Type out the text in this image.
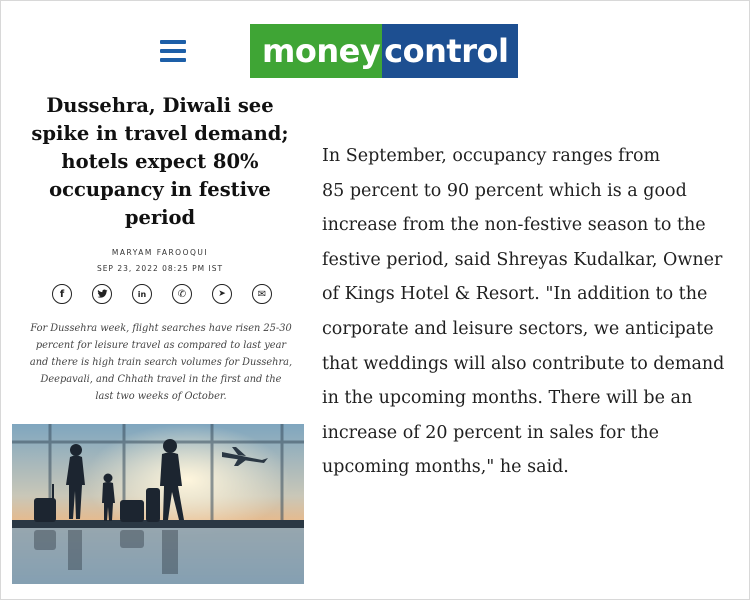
money control
Dussehra, Diwali see
spike in travel demand;
hotels expect 80%
occupancy in festive
period
MARYAM FAROOQUI
SEP 23, 2022 08:25 PM IST
f	in	✆	➤	✉
For Dussehra week, flight searches have risen 25-30
percent for leisure travel as compared to last year
and there is high train search volumes for Dussehra,
Deepavali, and Chhath travel in the first and the
last two weeks of October.

In September, occupancy ranges from

85 percent to 90 percent which is a good

increase from the non-festive season to the

festive period, said Shreyas Kudalkar, Owner

of Kings Hotel & Resort. "In addition to the

corporate and leisure sectors, we anticipate

that weddings will also contribute to demand

in the upcoming months. There will be an

increase of 20 percent in sales for the

upcoming months," he said.
